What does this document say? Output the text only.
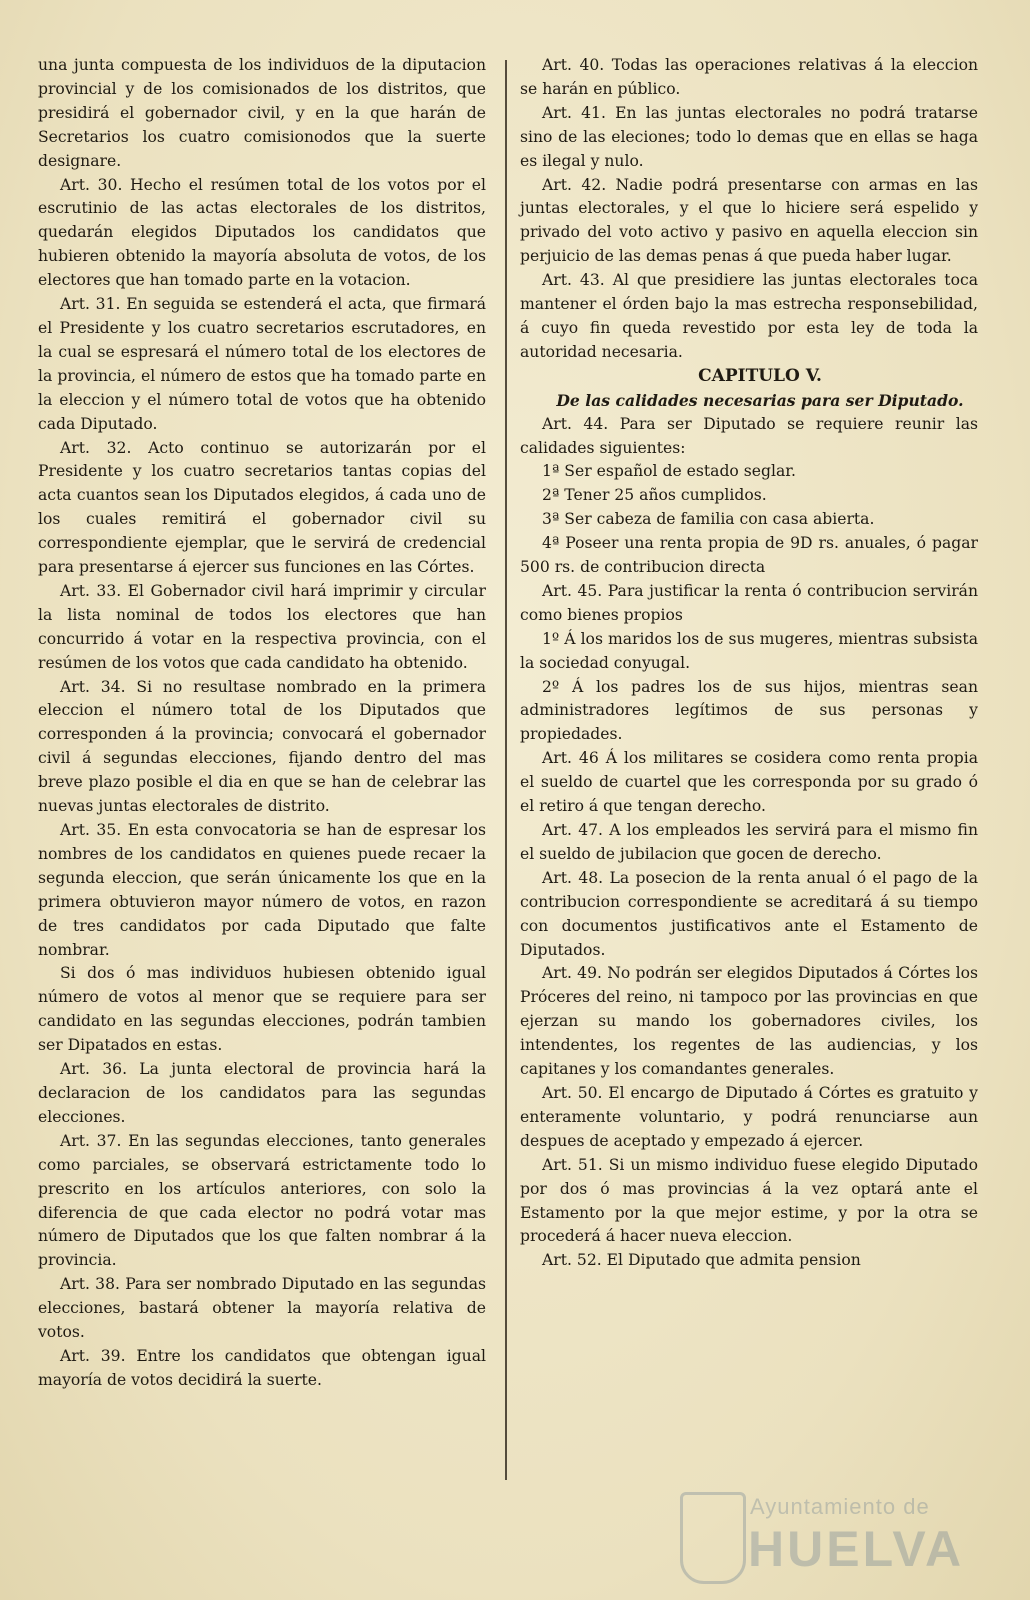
una junta compuesta de los individuos de la diputacion provincial y de los comisionados de los distritos, que presidirá el gobernador civil, y en la que harán de Secretarios los cuatro comisionodos que la suerte designare.

Art. 30. Hecho el resúmen total de los votos por el escrutinio de las actas electorales de los distritos, quedarán elegidos Diputados los candidatos que hubieren obtenido la mayoría absoluta de votos, de los electores que han tomado parte en la votacion.

Art. 31. En seguida se estenderá el acta, que firmará el Presidente y los cuatro secretarios escrutadores, en la cual se espresará el número total de los electores de la provincia, el número de estos que ha tomado parte en la eleccion y el número total de votos que ha obtenido cada Diputado.

Art. 32. Acto continuo se autorizarán por el Presidente y los cuatro secretarios tantas copias del acta cuantos sean los Diputados elegidos, á cada uno de los cuales remitirá el gobernador civil su correspondiente ejemplar, que le servirá de credencial para presentarse á ejercer sus funciones en las Córtes.

Art. 33. El Gobernador civil hará imprimir y circular la lista nominal de todos los electores que han concurrido á votar en la respectiva provincia, con el resúmen de los votos que cada candidato ha obtenido.

Art. 34. Si no resultase nombrado en la primera eleccion el número total de los Diputados que corresponden á la provincia; convocará el gobernador civil á segundas elecciones, fijando dentro del mas breve plazo posible el dia en que se han de celebrar las nuevas juntas electorales de distrito.

Art. 35. En esta convocatoria se han de espresar los nombres de los candidatos en quienes puede recaer la segunda eleccion, que serán únicamente los que en la primera obtuvieron mayor número de votos, en razon de tres candidatos por cada Diputado que falte nombrar.

Si dos ó mas individuos hubiesen obtenido igual número de votos al menor que se requiere para ser candidato en las segundas elecciones, podrán tambien ser Dipatados en estas.

Art. 36. La junta electoral de provincia hará la declaracion de los candidatos para las segundas elecciones.

Art. 37. En las segundas elecciones, tanto generales como parciales, se observará estrictamente todo lo prescrito en los artículos anteriores, con solo la diferencia de que cada elector no podrá votar mas número de Diputados que los que falten nombrar á la provincia.

Art. 38. Para ser nombrado Diputado en las segundas elecciones, bastará obtener la mayoría relativa de votos.

Art. 39. Entre los candidatos que obtengan igual mayoría de votos decidirá la suerte.

Art. 40. Todas las operaciones relativas á la eleccion se harán en público.

Art. 41. En las juntas electorales no podrá tratarse sino de las eleciones; todo lo demas que en ellas se haga es ilegal y nulo.

Art. 42. Nadie podrá presentarse con armas en las juntas electorales, y el que lo hiciere será espelido y privado del voto activo y pasivo en aquella eleccion sin perjuicio de las demas penas á que pueda haber lugar.

Art. 43. Al que presidiere las juntas electorales toca mantener el órden bajo la mas estrecha responsebilidad, á cuyo fin queda revestido por esta ley de toda la autoridad necesaria.

CAPITULO V.

De las calidades necesarias para ser Diputado.

Art. 44. Para ser Diputado se requiere reunir las calidades siguientes:

1ª Ser español de estado seglar.

2ª Tener 25 años cumplidos.

3ª Ser cabeza de familia con casa abierta.

4ª Poseer una renta propia de 9D rs. anuales, ó pagar 500 rs. de contribucion directa

Art. 45. Para justificar la renta ó contribucion servirán como bienes propios

1º Á los maridos los de sus mugeres, mientras subsista la sociedad conyugal.

2º Á los padres los de sus hijos, mientras sean administradores legítimos de sus personas y propiedades.

Art. 46 Á los militares se cosidera como renta propia el sueldo de cuartel que les corresponda por su grado ó el retiro á que tengan derecho.

Art. 47. A los empleados les servirá para el mismo fin el sueldo de jubilacion que gocen de derecho.

Art. 48. La posecion de la renta anual ó el pago de la contribucion correspondiente se acreditará á su tiempo con documentos justificativos ante el Estamento de Diputados.

Art. 49. No podrán ser elegidos Diputados á Córtes los Próceres del reino, ni tampoco por las provincias en que ejerzan su mando los gobernadores civiles, los intendentes, los regentes de las audiencias, y los capitanes y los comandantes generales.

Art. 50. El encargo de Diputado á Córtes es gratuito y enteramente voluntario, y podrá renunciarse aun despues de aceptado y empezado á ejercer.

Art. 51. Si un mismo individuo fuese elegido Diputado por dos ó mas provincias á la vez optará ante el Estamento por la que mejor estime, y por la otra se procederá á hacer nueva eleccion.

Art. 52. El Diputado que admita pension

Ayuntamiento de
HUELVA
